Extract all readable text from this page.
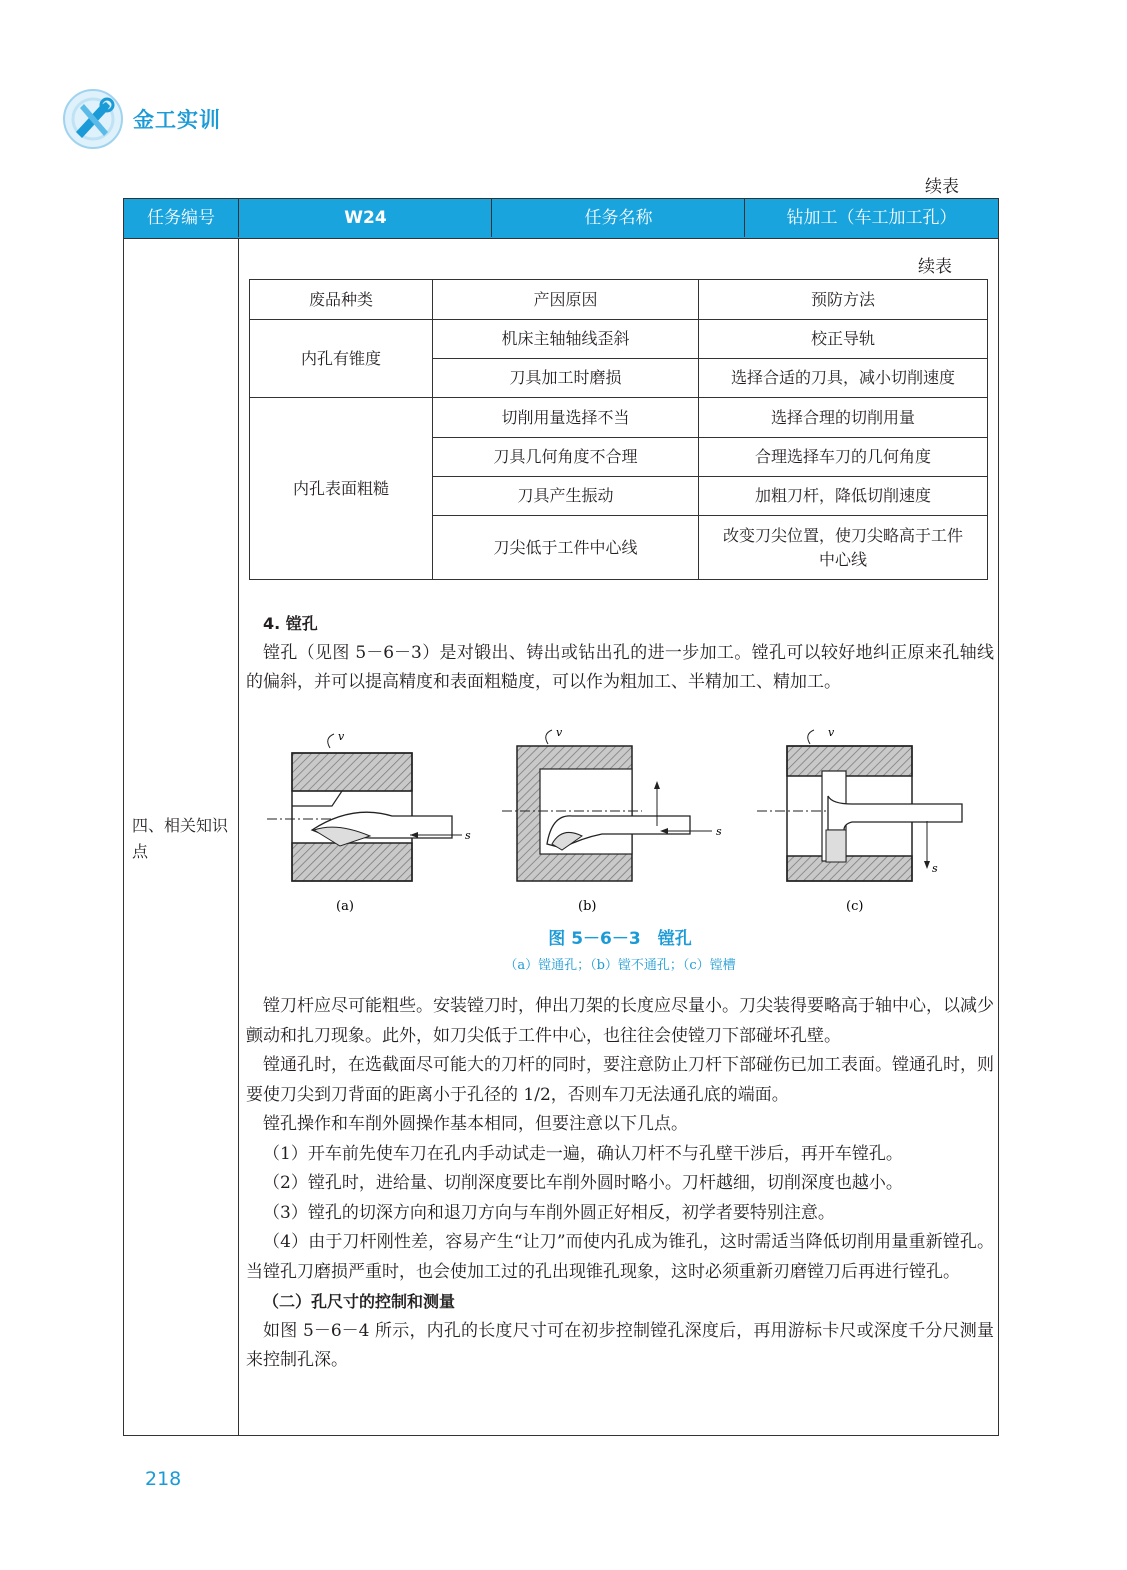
金工实训
续表
任务编号	W24	任务名称	钻加工（车工加工孔）
四、相关知识点
续表
废品种类	产因原因	预防方法
内孔有锥度	机床主轴轴线歪斜	校正导轨
	刀具加工时磨损	选择合适的刀具，减小切削速度
内孔表面粗糙	切削用量选择不当	选择合理的切削用量
	刀具几何角度不合理	合理选择车刀的几何角度
	刀具产生振动	加粗刀杆，降低切削速度
	刀尖低于工件中心线	改变刀尖位置，使刀尖略高于工件中心线

4. 镗孔

镗孔（见图 5－6－3）是对锻出、铸出或钻出孔的进一步加工。镗孔可以较好地纠正原来孔轴线的偏斜，并可以提高精度和表面粗糙度，可以作为粗加工、半精加工、精加工。

s
v
(a)
s
v
(b)
s
v
(c)
图 5－6－3　镗孔
（a）镗通孔；（b）镗不通孔；（c）镗槽

镗刀杆应尽可能粗些。安装镗刀时，伸出刀架的长度应尽量小。刀尖装得要略高于轴中心，以减少颤动和扎刀现象。此外，如刀尖低于工件中心，也往往会使镗刀下部碰坏孔壁。

镗通孔时，在选截面尽可能大的刀杆的同时，要注意防止刀杆下部碰伤已加工表面。镗通孔时，则要使刀尖到刀背面的距离小于孔径的 1/2，否则车刀无法通孔底的端面。

镗孔操作和车削外圆操作基本相同，但要注意以下几点。

（1）开车前先使车刀在孔内手动试走一遍，确认刀杆不与孔壁干涉后，再开车镗孔。

（2）镗孔时，进给量、切削深度要比车削外圆时略小。刀杆越细，切削深度也越小。

（3）镗孔的切深方向和退刀方向与车削外圆正好相反，初学者要特别注意。

（4）由于刀杆刚性差，容易产生“让刀”而使内孔成为锥孔，这时需适当降低切削用量重新镗孔。当镗孔刀磨损严重时，也会使加工过的孔出现锥孔现象，这时必须重新刃磨镗刀后再进行镗孔。

（二）孔尺寸的控制和测量

如图 5－6－4 所示，内孔的长度尺寸可在初步控制镗孔深度后，再用游标卡尺或深度千分尺测量来控制孔深。

218
